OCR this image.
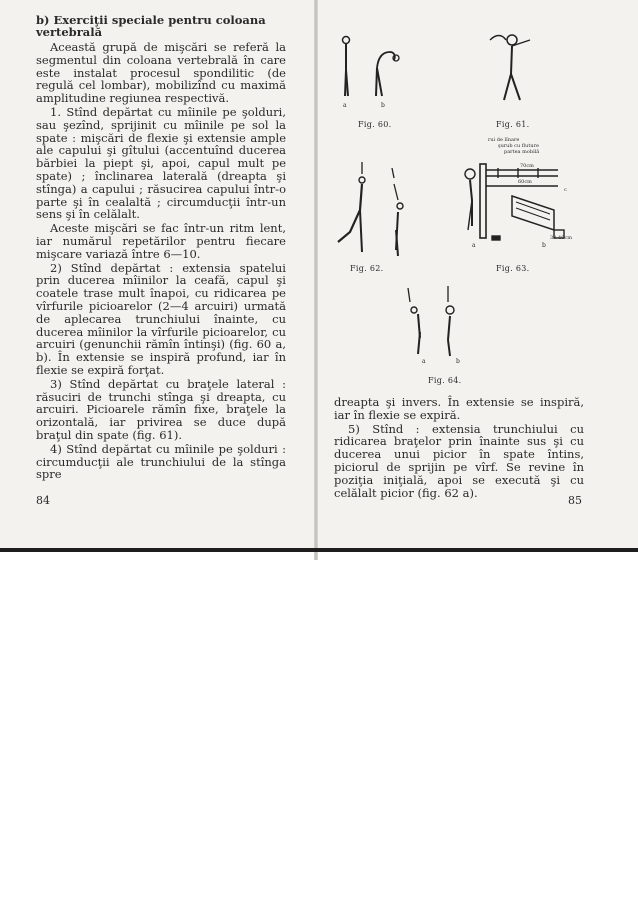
b) Exerciţii speciale pentru coloana vertebrală

Această grupă de mişcări se referă la segmentul din coloana vertebrală în care este instalat procesul spondilitic (de regulă cel lombar), mobilizînd cu maximă amplitudine regiunea respectivă.

1. Stînd depărtat cu mîinile pe şolduri, sau şezînd, sprijinit cu mîinile pe sol la spate : mişcări de flexie şi extensie ample ale capului şi gîtului (accentuînd ducerea bărbiei la piept şi, apoi, capul mult pe spate) ; înclinarea laterală (dreapta şi stînga) a capului ; răsucirea capului într-o parte şi în cealaltă ; circumducţii într-un sens şi în celălalt.

Aceste mişcări se fac într-un ritm lent, iar numărul repetărilor pentru fiecare mişcare variază între 6—10.

2) Stînd depărtat : extensia spatelui prin ducerea mîinilor la ceafă, capul şi coatele trase mult înapoi, cu ridicarea pe vîrfurile picioarelor (2—4 arcuiri) urmată de aplecarea trunchiului înainte, cu ducerea mîinilor la vîrfurile picioarelor, cu arcuiri (genunchii rămîn întinşi) (fig. 60 a, b). În extensie se inspiră profund, iar în flexie se expiră forţat.

3) Stînd depărtat cu braţele lateral : răsuciri de trunchi stînga şi dreapta, cu arcuiri. Picioarele rămîn fixe, braţele la orizontală, iar privirea se duce după braţul din spate (fig. 61).

4) Stînd depărtat cu mîinile pe şolduri : circumducţii ale trunchiului de la stînga spre

84
a	b
Fig. 60.	Fig. 61.
Fig. 62.
rui de lînare
şurub cu fluture
partea mobilă
70cm
60cm
c
30-40cm
a	b
Fig. 63.
a	b
Fig. 64.

dreapta şi invers. În extensie se inspiră, iar în flexie se expiră.

5) Stînd : extensia trunchiului cu ridicarea braţelor prin înainte sus şi cu ducerea unui picior în spate întins, piciorul de sprijin pe vîrf. Se revine în poziţia iniţială, apoi se execută şi cu celălalt picior (fig. 62 a).

85
